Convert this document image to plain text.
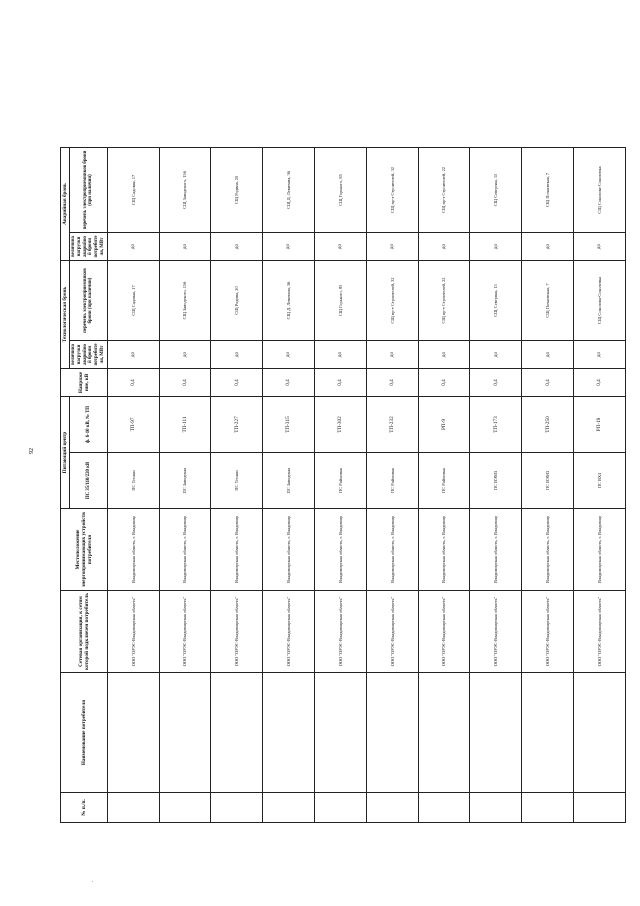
92
.
№ п./п.	Наименование потребителя	Сетевая организация, к сетям которой подключен потребитель	Местоположение энергопринимающих устройств потребителя	Питающий центр		Напряжение, кВ	Технологическая бронь		Аварийная бронь	
				ПС 35/110/220 кВ	ф. 6-10 кВ, № ТП		величина нагрузки аварийной брони потребителя, МВт	перечень электроприемников брони (при наличии)	величина нагрузки аварийной брони потребителя, МВт	перечень электроприемников брони (при наличии)
		ООО "ОРЭС-Владимирская область"	Владимирская область, г. Владимир	ПС Тесаки	ТП-97	0,4	до	СЩ Садовая, 17	до	СЩ Садовая, 17
		ООО "ОРЭС-Владимирская область"	Владимирская область, г. Владимир	ПС Заводская	ТП-111	0,4	до	СЩ Заводского, 156	до	СЩ Заводского, 156
		ООО "ОРЭС-Владимирская область"	Владимирская область, г. Владимир	ПС Тесаки	ТП-227	0,4	до	СЩ Родина, 20	до	СЩ Родина, 20
		ООО "ОРЭС-Владимирская область"	Владимирская область, г. Владимир	ПС Заводская	ТП-315	0,4	до	СЩ Д. Левитана, 36	до	СЩ Д. Левитана, 36
		ООО "ОРЭС-Владимирская область"	Владимирская область, г. Владимир	ПС Районная	ТП-302	0,4	до	СЩ Горького, 85	до	СЩ Горького, 85
		ООО "ОРЭС-Владимирская область"	Владимирская область, г. Владимир	ПС Районная	ТП-232	0,4	до	СЩ пр-т Строителей, 32	до	СЩ пр-т Строителей, 32
		ООО "ОРЭС-Владимирская область"	Владимирская область, г. Владимир	ПС Районная	РП-9	0,4	до	СЩ пр-т Строителей, 22	до	СЩ пр-т Строителей, 22
		ООО "ОРЭС-Владимирская область"	Владимирская область, г. Владимир	ПС ВЭМЗ	ТП-173	0,4	до	СЩ Северная, 15	до	СЩ Северная, 15
		ООО "ОРЭС-Владимирская область"	Владимирская область, г. Владимир	ПС ВЭМЗ	ТП-250	0,4	до	СЩ Почаевская, 7	до	СЩ Почаевская, 7
		ООО "ОРЭС-Владимирская область"	Владимирская область, г. Владимир	ПС ВХЗ	РП-18	0,4	до	СЩ Соколова-Соколенка	до	СЩ Соколова-Соколенка
